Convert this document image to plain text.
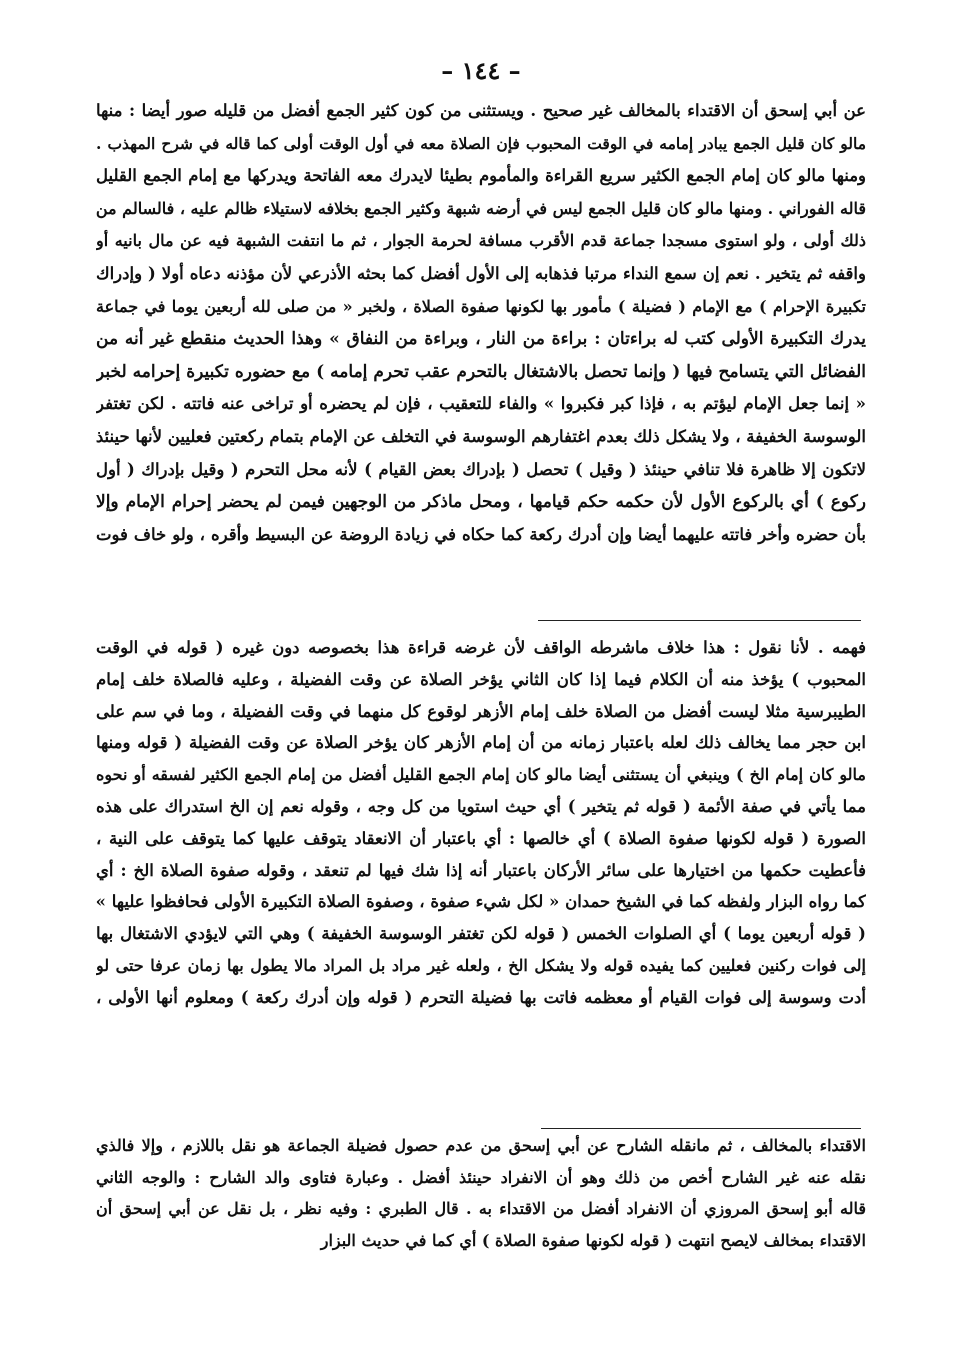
– ١٤٤ –
عن أبي إسحق أن الاقتداء بالمخالف غير صحيح . ويستثنى من كون كثير الجمع أفضل من قليله صور أيضا : منها
مالو كان قليل الجمع يبادر إمامه في الوقت المحبوب فإن الصلاة معه في أول الوقت أولى كما قاله في شرح المهذب .
ومنها مالو كان إمام الجمع الكثير سريع القراءة والمأموم بطيئا لايدرك معه الفاتحة ويدركها مع إمام الجمع القليل
قاله الفوراني . ومنها مالو كان قليل الجمع ليس في أرضه شبهة وكثير الجمع بخلافه لاستيلاء ظالم عليه ، فالسالم من
ذلك أولى ، ولو استوى مسجدا جماعة قدم الأقرب مسافة لحرمة الجوار ، ثم ما انتفت الشبهة فيه عن مال بانيه أو
واقفه ثم يتخير . نعم إن سمع النداء مرتبا فذهابه إلى الأول أفضل كما بحثه الأذرعي لأن مؤذنه دعاه أولا ( وإدراك
تكبيرة الإحرام ) مع الإمام ( فضيلة ) مأمور بها لكونها صفوة الصلاة ، ولخبر « من صلى لله أربعين يوما في جماعة
يدرك التكبيرة الأولى كتب له براءتان : براءة من النار ، وبراءة من النفاق » وهذا الحديث منقطع غير أنه من
الفضائل التي يتسامح فيها ( وإنما تحصل بالاشتغال بالتحرم عقب تحرم إمامه ) مع حضوره تكبيرة إحرامه لخبر
« إنما جعل الإمام ليؤتم به ، فإذا كبر فكبروا » والفاء للتعقيب ، فإن لم يحضره أو تراخى عنه فاتته . لكن تغتفر
الوسوسة الخفيفة ، ولا يشكل ذلك بعدم اغتفارهم الوسوسة في التخلف عن الإمام بتمام ركعتين فعليين لأنها حينئذ
لاتكون إلا ظاهرة فلا تنافي حينئذ ( وقيل ) تحصل ( بإدراك بعض القيام ) لأنه محل التحرم ( وقيل بإدراك ( أول
ركوع ) أي بالركوع الأول لأن حكمه حكم قيامها ، ومحل ماذكر من الوجهين فيمن لم يحضر إحرام الإمام وإلا
بأن حضره وأخر فاتته عليهما أيضا وإن أدرك ركعة كما حكاه في زيادة الروضة عن البسيط وأقره ، ولو خاف فوت
فهمه . لأنا نقول : هذا خلاف ماشرطه الواقف لأن غرضه قراءة هذا بخصوصه دون غيره ( قوله في الوقت
المحبوب ) يؤخذ منه أن الكلام فيما إذا كان الثاني يؤخر الصلاة عن وقت الفضيلة ، وعليه فالصلاة خلف إمام
الطيبرسية مثلا ليست أفضل من الصلاة خلف إمام الأزهر لوقوع كل منهما في وقت الفضيلة ، وما في سم على
ابن حجر مما يخالف ذلك لعله باعتبار زمانه من أن إمام الأزهر كان يؤخر الصلاة عن وقت الفضيلة ( قوله ومنها
مالو كان إمام الخ ) وينبغي أن يستثنى أيضا مالو كان إمام الجمع القليل أفضل من إمام الجمع الكثير لفسقه أو نحوه
مما يأتي في صفة الأئمة ( قوله ثم يتخير ) أي حيث استويا من كل وجه ، وقوله نعم إن الخ استدراك على هذه
الصورة ( قوله لكونها صفوة الصلاة ) أي خالصها : أي باعتبار أن الانعقاد يتوقف عليها كما يتوقف على النية ،
فأعطيت حكمها من اختيارها على سائر الأركان باعتبار أنه إذا شك فيها لم تنعقد ، وقوله صفوة الصلاة الخ : أي
كما رواه البزار ولفظه كما في الشيخ حمدان « لكل شيء صفوة ، وصفوة الصلاة التكبيرة الأولى فحافظوا عليها »
( قوله أربعين يوما ) أي الصلوات الخمس ( قوله لكن تغتفر الوسوسة الخفيفة ) وهي التي لايؤدي الاشتغال بها
إلى فوات ركنين فعليين كما يفيده قوله ولا يشكل الخ ، ولعله غير مراد بل المراد مالا يطول بها زمان عرفا حتى لو
أدت وسوسة إلى فوات القيام أو معظمه فاتت بها فضيلة التحرم ( قوله وإن أدرك ركعة ) ومعلوم أنها الأولى ،
الاقتداء بالمخالف ، ثم مانقله الشارح عن أبي إسحق من عدم حصول فضيلة الجماعة هو نقل باللازم ، وإلا فالذي
نقله عنه غير الشارح أخص من ذلك وهو أن الانفراد حينئذ أفضل . وعبارة فتاوى والد الشارح : والوجه الثاني
قاله أبو إسحق المروزي أن الانفراد أفضل من الاقتداء به . قال الطبري : وفيه نظر ، بل نقل عن أبي إسحق أن
الاقتداء بمخالف لايصح انتهت ( قوله لكونها صفوة الصلاة ) أي كما في حديث البزار
